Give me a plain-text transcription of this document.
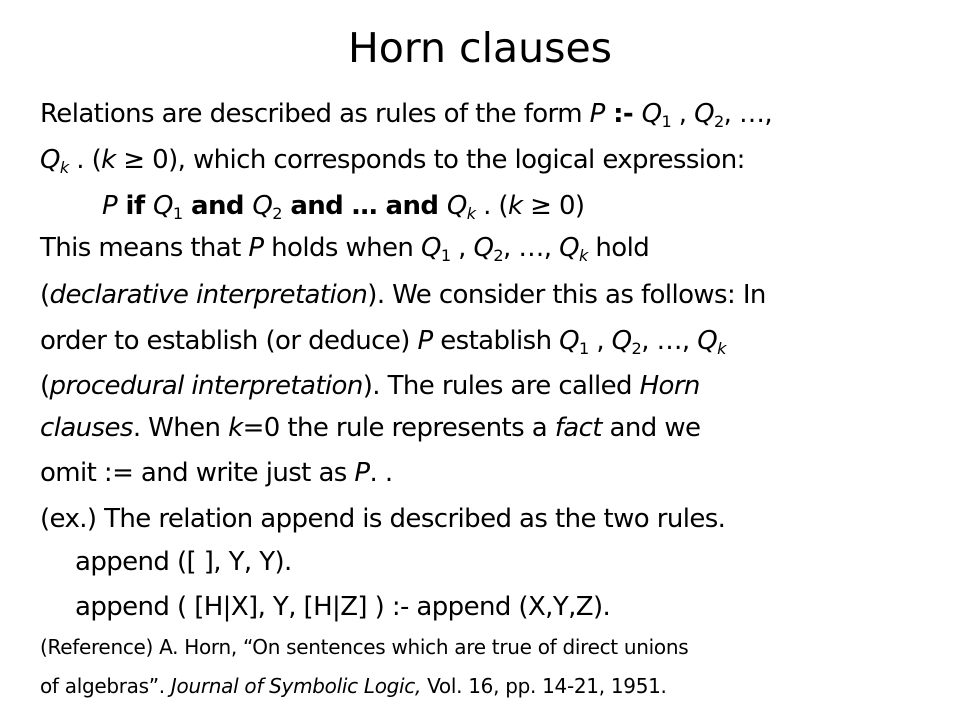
Horn clauses
Relations are described as rules of the form P :- $Q_1$ , $Q_2$, …,
$Q_k$ . (k ≥ 0), which corresponds to the logical expression:
P if $Q_1$ and $Q_2$ and … and $Q_k$ . (k ≥ 0)
This means that P holds when $Q_1$ , $Q_2$, …, $Q_k$ hold
(declarative interpretation). We consider this as follows: In
order to establish (or deduce) P establish $Q_1$ , $Q_2$, …, $Q_k$
(procedural interpretation). The rules are called Horn
clauses. When k=0 the rule represents a fact and we
omit := and write just as P. .
(ex.) The relation append is described as the two rules.
append ([ ], Y, Y).
append ( [H|X], Y, [H|Z] ) :- append (X,Y,Z).
(Reference) A. Horn, “On sentences which are true of direct unions
of algebras”. Journal of Symbolic Logic, Vol. 16, pp. 14-21, 1951.
